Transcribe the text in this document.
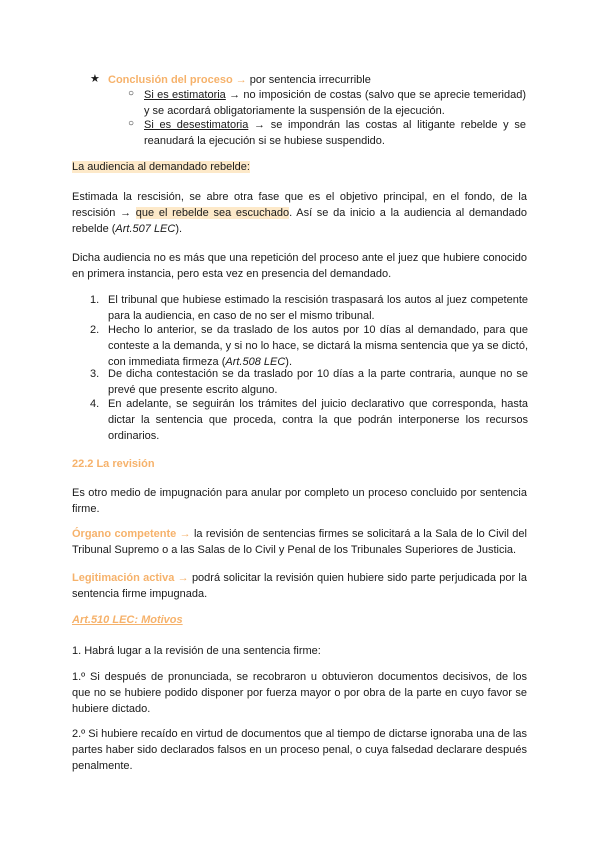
★ Conclusión del proceso → por sentencia irrecurrible

○ Si es estimatoria → no imposición de costas (salvo que se aprecie temeridad) y se acordará obligatoriamente la suspensión de la ejecución.

○ Si es desestimatoria → se impondrán las costas al litigante rebelde y se reanudará la ejecución si se hubiese suspendido.

La audiencia al demandado rebelde:

Estimada la rescisión, se abre otra fase que es el objetivo principal, en el fondo, de la rescisión → que el rebelde sea escuchado. Así se da inicio a la audiencia al demandado rebelde (Art.507 LEC).

Dicha audiencia no es más que una repetición del proceso ante el juez que hubiere conocido en primera instancia, pero esta vez en presencia del demandado.

1. El tribunal que hubiese estimado la rescisión traspasará los autos al juez competente para la audiencia, en caso de no ser el mismo tribunal.

2. Hecho lo anterior, se da traslado de los autos por 10 días al demandado, para que conteste a la demanda, y si no lo hace, se dictará la misma sentencia que ya se dictó, con immediata firmeza (Art.508 LEC).

3. De dicha contestación se da traslado por 10 días a la parte contraria, aunque no se prevé que presente escrito alguno.

4. En adelante, se seguirán los trámites del juicio declarativo que corresponda, hasta dictar la sentencia que proceda, contra la que podrán interponerse los recursos ordinarios.

22.2 La revisión

Es otro medio de impugnación para anular por completo un proceso concluido por sentencia firme.

Órgano competente → la revisión de sentencias firmes se solicitará a la Sala de lo Civil del Tribunal Supremo o a las Salas de lo Civil y Penal de los Tribunales Superiores de Justicia.

Legitimación activa → podrá solicitar la revisión quien hubiere sido parte perjudicada por la sentencia firme impugnada.

Art.510 LEC: Motivos

1. Habrá lugar a la revisión de una sentencia firme:

1.º Si después de pronunciada, se recobraron u obtuvieron documentos decisivos, de los que no se hubiere podido disponer por fuerza mayor o por obra de la parte en cuyo favor se hubiere dictado.

2.º Si hubiere recaído en virtud de documentos que al tiempo de dictarse ignoraba una de las partes haber sido declarados falsos en un proceso penal, o cuya falsedad declarare después penalmente.
